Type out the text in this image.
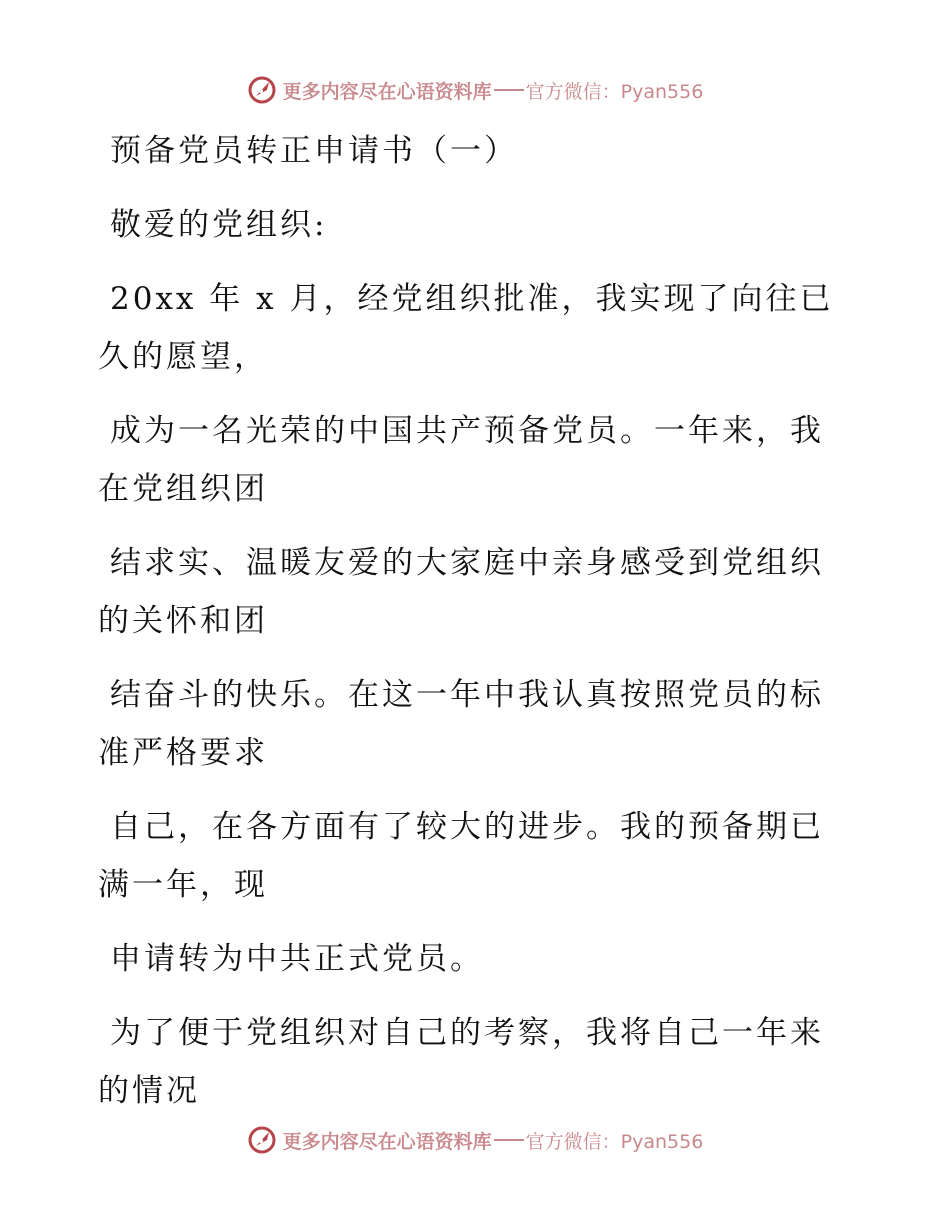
更多内容尽在心语资料库 官方微信：Pyan556
预备党员转正申请书（一）
敬爱的党组织:
20xx 年 x 月，经党组织批准，我实现了向往已
久的愿望，
成为一名光荣的中国共产预备党员。一年来，我
在党组织团
结求实、温暖友爱的大家庭中亲身感受到党组织
的关怀和团
结奋斗的快乐。在这一年中我认真按照党员的标
准严格要求
自己，在各方面有了较大的进步。我的预备期已
满一年，现
申请转为中共正式党员。
为了便于党组织对自己的考察，我将自己一年来
的情况
更多内容尽在心语资料库 官方微信：Pyan556
